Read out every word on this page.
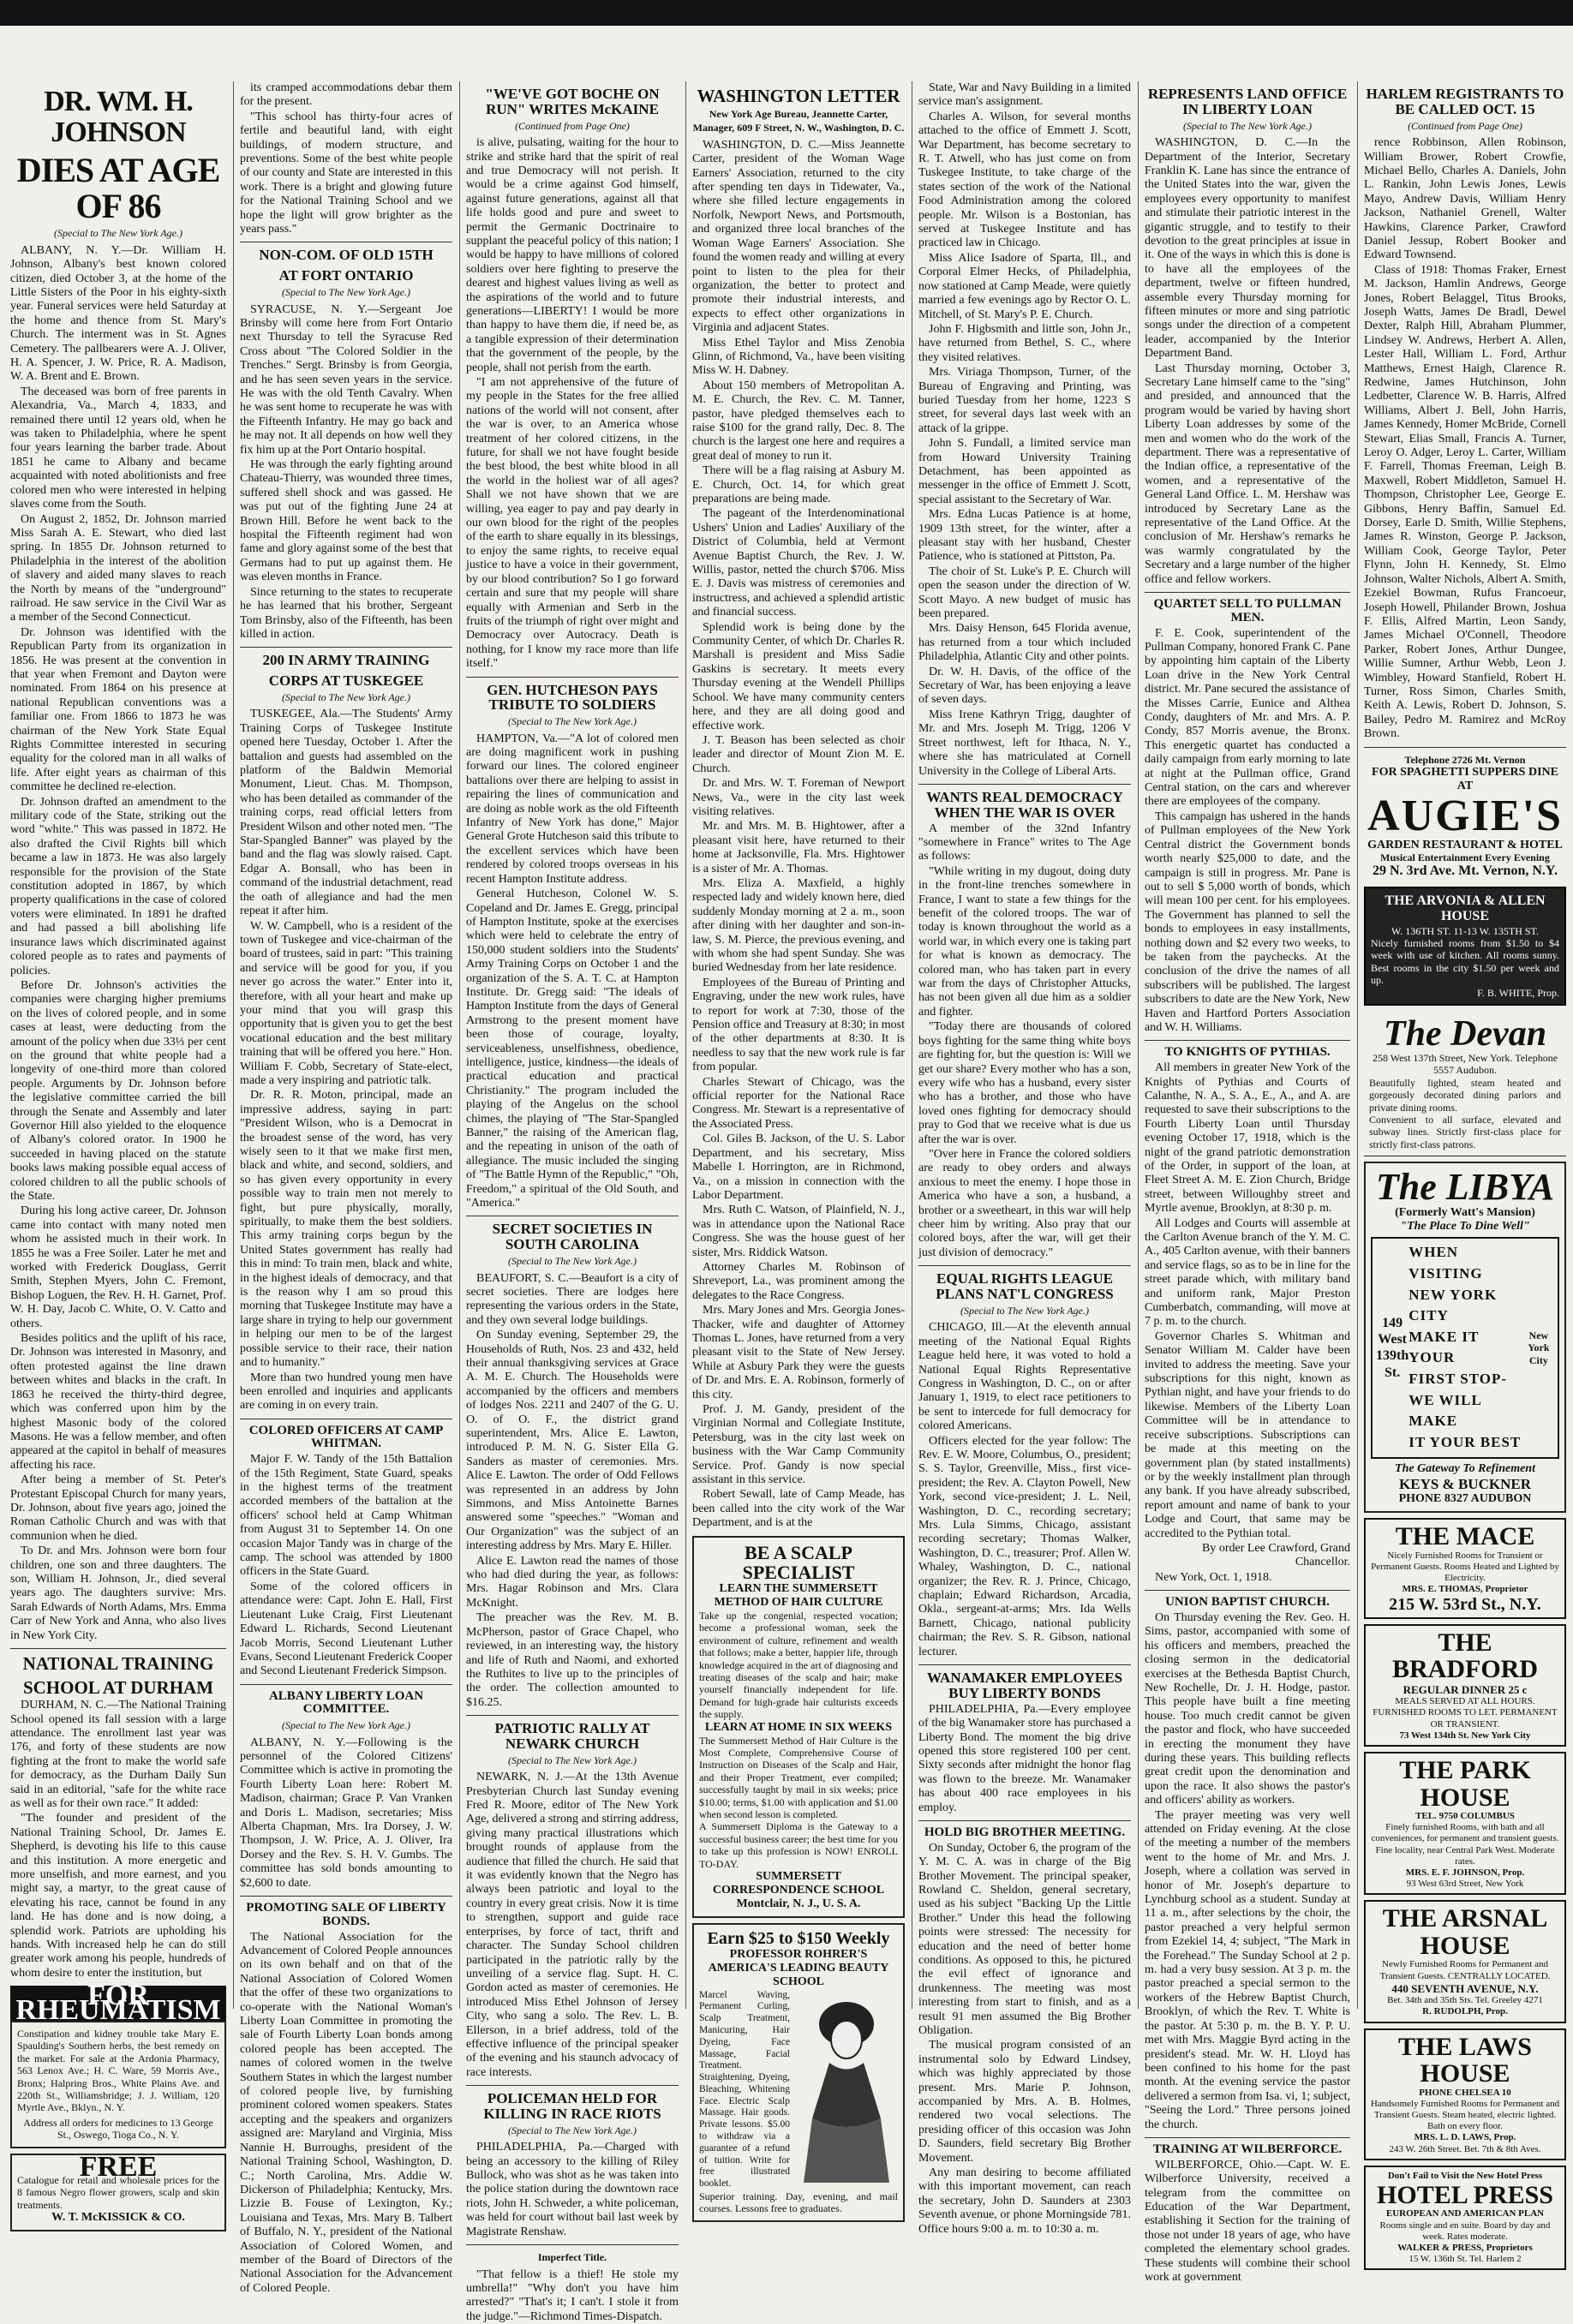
DR. WM. H. JOHNSON
DIES AT AGE OF 86
(Special to The New York Age.)

ALBANY, N. Y.—Dr. William H. Johnson, Albany's best known colored citizen, died October 3, at the home of the Little Sisters of the Poor in his eighty-sixth year. Funeral services were held Saturday at the home and thence from St. Mary's Church. The interment was in St. Agnes Cemetery. The pallbearers were A. J. Oliver, H. A. Spencer, J. W. Price, R. A. Madison, W. A. Brent and E. Brown.

The deceased was born of free parents in Alexandria, Va., March 4, 1833, and remained there until 12 years old, when he was taken to Philadelphia, where he spent four years learning the barber trade. About 1851 he came to Albany and became acquainted with noted abolitionists and free colored men who were interested in helping slaves come from the South.

On August 2, 1852, Dr. Johnson married Miss Sarah A. E. Stewart, who died last spring. In 1855 Dr. Johnson returned to Philadelphia in the interest of the abolition of slavery and aided many slaves to reach the North by means of the "underground" railroad. He saw service in the Civil War as a member of the Second Connecticut.

Dr. Johnson was identified with the Republican Party from its organization in 1856. He was present at the convention in that year when Fremont and Dayton were nominated. From 1864 on his presence at national Republican conventions was a familiar one. From 1866 to 1873 he was chairman of the New York State Equal Rights Committee interested in securing equality for the colored man in all walks of life. After eight years as chairman of this committee he declined re-election.

Dr. Johnson drafted an amendment to the military code of the State, striking out the word "white." This was passed in 1872. He also drafted the Civil Rights bill which became a law in 1873. He was also largely responsible for the provision of the State constitution adopted in 1867, by which property qualifications in the case of colored voters were eliminated. In 1891 he drafted and had passed a bill abolishing life insurance laws which discriminated against colored people as to rates and payments of policies.

Before Dr. Johnson's activities the companies were charging higher premiums on the lives of colored people, and in some cases at least, were deducting from the amount of the policy when due 33⅓ per cent on the ground that white people had a longevity of one-third more than colored people. Arguments by Dr. Johnson before the legislative committee carried the bill through the Senate and Assembly and later Governor Hill also yielded to the eloquence of Albany's colored orator. In 1900 he succeeded in having placed on the statute books laws making possible equal access of colored children to all the public schools of the State.

During his long active career, Dr. Johnson came into contact with many noted men whom he assisted much in their work. In 1855 he was a Free Soiler. Later he met and worked with Frederick Douglass, Gerrit Smith, Stephen Myers, John C. Fremont, Bishop Loguen, the Rev. H. H. Garnet, Prof. W. H. Day, Jacob C. White, O. V. Catto and others.

Besides politics and the uplift of his race, Dr. Johnson was interested in Masonry, and often protested against the line drawn between whites and blacks in the craft. In 1863 he received the thirty-third degree, which was conferred upon him by the highest Masonic body of the colored Masons. He was a fellow member, and often appeared at the capitol in behalf of measures affecting his race.

After being a member of St. Peter's Protestant Episcopal Church for many years, Dr. Johnson, about five years ago, joined the Roman Catholic Church and was with that communion when he died.

To Dr. and Mrs. Johnson were born four children, one son and three daughters. The son, William H. Johnson, Jr., died several years ago. The daughters survive: Mrs. Sarah Edwards of North Adams, Mrs. Emma Carr of New York and Anna, who also lives in New York City.

NATIONAL TRAINING
SCHOOL AT DURHAM

DURHAM, N. C.—The National Training School opened its fall session with a large attendance. The enrollment last year was 176, and forty of these students are now fighting at the front to make the world safe for democracy, as the Durham Daily Sun said in an editorial, "safe for the white race as well as for their own race." It added:

"The founder and president of the National Training School, Dr. James E. Shepherd, is devoting his life to this cause and this institution. A more energetic and more unselfish, and more earnest, and you might say, a martyr, to the great cause of elevating his race, cannot be found in any land. He has done and is now doing, a splendid work. Patriots are upholding his hands. With increased help he can do still greater work among his people, hundreds of whom desire to enter the institution, but

FOR RHEUMATISM
Constipation and kidney trouble take Mary E. Spaulding's Southern herbs, the best remedy on the market. For sale at the Ardonia Pharmacy, 563 Lenox Ave.; H. C. Ware, 59 Morris Ave., Bronx; Halpring Bros., White Plains Ave. and 220th St., Williamsbridge; J. J. William, 120 Myrtle Ave., Bklyn., N. Y.
Address all orders for medicines to 13 George St., Oswego, Tioga Co., N. Y.
FREE
Catalogue for retail and wholesale prices for the 8 famous Negro flower growers, scalp and skin treatments.
W. T. McKISSICK & CO.

its cramped accommodations debar them for the present.

"This school has thirty-four acres of fertile and beautiful land, with eight buildings, of modern structure, and preventions. Some of the best white people of our county and State are interested in this work. There is a bright and glowing future for the National Training School and we hope the light will grow brighter as the years pass."

NON-COM. OF OLD 15TH
AT FORT ONTARIO
(Special to The New York Age.)

SYRACUSE, N. Y.—Sergeant Joe Brinsby will come here from Fort Ontario next Thursday to tell the Syracuse Red Cross about "The Colored Soldier in the Trenches." Sergt. Brinsby is from Georgia, and he has seen seven years in the service. He was with the old Tenth Cavalry. When he was sent home to recuperate he was with the Fifteenth Infantry. He may go back and he may not. It all depends on how well they fix him up at the Port Ontario hospital.

He was through the early fighting around Chateau-Thierry, was wounded three times, suffered shell shock and was gassed. He was put out of the fighting June 24 at Brown Hill. Before he went back to the hospital the Fifteenth regiment had won fame and glory against some of the best that Germans had to put up against them. He was eleven months in France.

Since returning to the states to recuperate he has learned that his brother, Sergeant Tom Brinsby, also of the Fifteenth, has been killed in action.

200 IN ARMY TRAINING
CORPS AT TUSKEGEE
(Special to The New York Age.)

TUSKEGEE, Ala.—The Students' Army Training Corps of Tuskegee Institute opened here Tuesday, October 1. After the battalion and guests had assembled on the platform of the Baldwin Memorial Monument, Lieut. Chas. M. Thompson, who has been detailed as commander of the training corps, read official letters from President Wilson and other noted men. "The Star-Spangled Banner" was played by the band and the flag was slowly raised. Capt. Edgar A. Bonsall, who has been in command of the industrial detachment, read the oath of allegiance and had the men repeat it after him.

W. W. Campbell, who is a resident of the town of Tuskegee and vice-chairman of the board of trustees, said in part: "This training and service will be good for you, if you never go across the water." Enter into it, therefore, with all your heart and make up your mind that you will grasp this opportunity that is given you to get the best vocational education and the best military training that will be offered you here." Hon. William F. Cobb, Secretary of State-elect, made a very inspiring and patriotic talk.

Dr. R. R. Moton, principal, made an impressive address, saying in part: "President Wilson, who is a Democrat in the broadest sense of the word, has very wisely seen to it that we make first men, black and white, and second, soldiers, and so has given every opportunity in every possible way to train men not merely to fight, but pure physically, morally, spiritually, to make them the best soldiers. This army training corps begun by the United States government has really had this in mind: To train men, black and white, in the highest ideals of democracy, and that is the reason why I am so proud this morning that Tuskegee Institute may have a large share in trying to help our government in helping our men to be of the largest possible service to their race, their nation and to humanity."

More than two hundred young men have been enrolled and inquiries and applicants are coming in on every train.

COLORED OFFICERS AT CAMP WHITMAN.

Major F. W. Tandy of the 15th Battalion of the 15th Regiment, State Guard, speaks in the highest terms of the treatment accorded members of the battalion at the officers' school held at Camp Whitman from August 31 to September 14. On one occasion Major Tandy was in charge of the camp. The school was attended by 1800 officers in the State Guard.

Some of the colored officers in attendance were: Capt. John E. Hall, First Lieutenant Luke Craig, First Lieutenant Edward L. Richards, Second Lieutenant Jacob Morris, Second Lieutenant Luther Evans, Second Lieutenant Frederick Cooper and Second Lieutenant Frederick Simpson.

ALBANY LIBERTY LOAN COMMITTEE.
(Special to The New York Age.)

ALBANY, N. Y.—Following is the personnel of the Colored Citizens' Committee which is active in promoting the Fourth Liberty Loan here: Robert M. Madison, chairman; Grace P. Van Vranken and Doris L. Madison, secretaries; Miss Alberta Chapman, Mrs. Ira Dorsey, J. W. Thompson, J. W. Price, A. J. Oliver, Ira Dorsey and the Rev. S. H. V. Gumbs. The committee has sold bonds amounting to $2,600 to date.

PROMOTING SALE OF LIBERTY BONDS.

The National Association for the Advancement of Colored People announces on its own behalf and on that of the National Association of Colored Women that the offer of these two organizations to co-operate with the National Woman's Liberty Loan Committee in promoting the sale of Fourth Liberty Loan bonds among colored people has been accepted. The names of colored women in the twelve Southern States in which the largest number of colored people live, by furnishing prominent colored women speakers. States accepting and the speakers and organizers assigned are: Maryland and Virginia, Miss Nannie H. Burroughs, president of the National Training School, Washington, D. C.; North Carolina, Mrs. Addie W. Dickerson of Philadelphia; Kentucky, Mrs. Lizzie B. Fouse of Lexington, Ky.; Louisiana and Texas, Mrs. Mary B. Talbert of Buffalo, N. Y., president of the National Association of Colored Women, and member of the Board of Directors of the National Association for the Advancement of Colored People.

"WE'VE GOT BOCHE ON RUN" WRITES McKAINE
(Continued from Page One)

is alive, pulsating, waiting for the hour to strike and strike hard that the spirit of real and true Democracy will not perish. It would be a crime against God himself, against future generations, against all that life holds good and pure and sweet to permit the Germanic Doctrinaire to supplant the peaceful policy of this nation; I would be happy to have millions of colored soldiers over here fighting to preserve the dearest and highest values living as well as the aspirations of the world and to future generations—LIBERTY! I would be more than happy to have them die, if need be, as a tangible expression of their determination that the government of the people, by the people, shall not perish from the earth.

"I am not apprehensive of the future of my people in the States for the free allied nations of the world will not consent, after the war is over, to an America whose treatment of her colored citizens, in the future, for shall we not have fought beside the best blood, the best white blood in all the world in the holiest war of all ages? Shall we not have shown that we are willing, yea eager to pay and pay dearly in our own blood for the right of the peoples of the earth to share equally in its blessings, to enjoy the same rights, to receive equal justice to have a voice in their government, by our blood contribution? So I go forward certain and sure that my people will share equally with Armenian and Serb in the fruits of the triumph of right over might and Democracy over Autocracy. Death is nothing, for I know my race more than life itself."

GEN. HUTCHESON PAYS TRIBUTE TO SOLDIERS
(Special to The New York Age.)

HAMPTON, Va.—"A lot of colored men are doing magnificent work in pushing forward our lines. The colored engineer battalions over there are helping to assist in repairing the lines of communication and are doing as noble work as the old Fifteenth Infantry of New York has done," Major General Grote Hutcheson said this tribute to the excellent services which have been rendered by colored troops overseas in his recent Hampton Institute address.

General Hutcheson, Colonel W. S. Copeland and Dr. James E. Gregg, principal of Hampton Institute, spoke at the exercises which were held to celebrate the entry of 150,000 student soldiers into the Students' Army Training Corps on October 1 and the organization of the S. A. T. C. at Hampton Institute. Dr. Gregg said: "The ideals of Hampton Institute from the days of General Armstrong to the present moment have been those of courage, loyalty, serviceableness, unselfishness, obedience, intelligence, justice, kindness—the ideals of practical education and practical Christianity." The program included the playing of the Angelus on the school chimes, the playing of "The Star-Spangled Banner," the raising of the American flag, and the repeating in unison of the oath of allegiance. The music included the singing of "The Battle Hymn of the Republic," "Oh, Freedom," a spiritual of the Old South, and "America."

SECRET SOCIETIES IN SOUTH CAROLINA
(Special to The New York Age.)

BEAUFORT, S. C.—Beaufort is a city of secret societies. There are lodges here representing the various orders in the State, and they own several lodge buildings.

On Sunday evening, September 29, the Households of Ruth, Nos. 23 and 432, held their annual thanksgiving services at Grace A. M. E. Church. The Households were accompanied by the officers and members of lodges Nos. 2211 and 2407 of the G. U. O. of O. F., the district grand superintendent, Mrs. Alice E. Lawton, introduced P. M. N. G. Sister Ella G. Sanders as master of ceremonies. Mrs. Alice E. Lawton. The order of Odd Fellows was represented in an address by John Simmons, and Miss Antoinette Barnes answered some "speeches." "Woman and Our Organization" was the subject of an interesting address by Mrs. Mary E. Hiller.

Alice E. Lawton read the names of those who had died during the year, as follows: Mrs. Hagar Robinson and Mrs. Clara McKnight.

The preacher was the Rev. M. B. McPherson, pastor of Grace Chapel, who reviewed, in an interesting way, the history and life of Ruth and Naomi, and exhorted the Ruthites to live up to the principles of the order. The collection amounted to $16.25.

PATRIOTIC RALLY AT NEWARK CHURCH
(Special to The New York Age.)

NEWARK, N. J.—At the 13th Avenue Presbyterian Church last Sunday evening Fred R. Moore, editor of The New York Age, delivered a strong and stirring address, giving many practical illustrations which brought rounds of applause from the audience that filled the church. He said that it was evidently known that the Negro has always been patriotic and loyal to the country in every great crisis. Now it is time to strengthen, support and guide race enterprises, by force of tact, thrift and character. The Sunday School children participated in the patriotic rally by the unveiling of a service flag. Supt. H. C. Gordon acted as master of ceremonies. He introduced Miss Ethel Johnson of Jersey City, who sang a solo. The Rev. L. B. Ellerson, in a brief address, told of the effective influence of the principal speaker of the evening and his staunch advocacy of race interests.

POLICEMAN HELD FOR KILLING IN RACE RIOTS
(Special to The New York Age.)

PHILADELPHIA, Pa.—Charged with being an accessory to the killing of Riley Bullock, who was shot as he was taken into the police station during the downtown race riots, John H. Schweder, a white policeman, was held for court without bail last week by Magistrate Renshaw.

Imperfect Title.

"That fellow is a thief! He stole my umbrella!" "Why don't you have him arrested?" "That's it; I can't. I stole it from the judge."—Richmond Times-Dispatch.

WASHINGTON LETTER
New York Age Bureau, Jeannette Carter, Manager, 609 F Street, N. W., Washington, D. C.

WASHINGTON, D. C.—Miss Jeannette Carter, president of the Woman Wage Earners' Association, returned to the city after spending ten days in Tidewater, Va., where she filled lecture engagements in Norfolk, Newport News, and Portsmouth, and organized three local branches of the Woman Wage Earners' Association. She found the women ready and willing at every point to listen to the plea for their organization, the better to protect and promote their industrial interests, and expects to effect other organizations in Virginia and adjacent States.

Miss Ethel Taylor and Miss Zenobia Glinn, of Richmond, Va., have been visiting Miss W. H. Dabney.

About 150 members of Metropolitan A. M. E. Church, the Rev. C. M. Tanner, pastor, have pledged themselves each to raise $100 for the grand rally, Dec. 8. The church is the largest one here and requires a great deal of money to run it.

There will be a flag raising at Asbury M. E. Church, Oct. 14, for which great preparations are being made.

The pageant of the Interdenominational Ushers' Union and Ladies' Auxiliary of the District of Columbia, held at Vermont Avenue Baptist Church, the Rev. J. W. Willis, pastor, netted the church $706. Miss E. J. Davis was mistress of ceremonies and instructress, and achieved a splendid artistic and financial success.

Splendid work is being done by the Community Center, of which Dr. Charles R. Marshall is president and Miss Sadie Gaskins is secretary. It meets every Thursday evening at the Wendell Phillips School. We have many community centers here, and they are all doing good and effective work.

J. T. Beason has been selected as choir leader and director of Mount Zion M. E. Church.

Dr. and Mrs. W. T. Foreman of Newport News, Va., were in the city last week visiting relatives.

Mr. and Mrs. M. B. Hightower, after a pleasant visit here, have returned to their home at Jacksonville, Fla. Mrs. Hightower is a sister of Mr. A. Thomas.

Mrs. Eliza A. Maxfield, a highly respected lady and widely known here, died suddenly Monday morning at 2 a. m., soon after dining with her daughter and son-in-law, S. M. Pierce, the previous evening, and with whom she had spent Sunday. She was buried Wednesday from her late residence.

Employees of the Bureau of Printing and Engraving, under the new work rules, have to report for work at 7:30, those of the Pension office and Treasury at 8:30; in most of the other departments at 8:30. It is needless to say that the new work rule is far from popular.

Charles Stewart of Chicago, was the official reporter for the National Race Congress. Mr. Stewart is a representative of the Associated Press.

Col. Giles B. Jackson, of the U. S. Labor Department, and his secretary, Miss Mabelle I. Horrington, are in Richmond, Va., on a mission in connection with the Labor Department.

Mrs. Ruth C. Watson, of Plainfield, N. J., was in attendance upon the National Race Congress. She was the house guest of her sister, Mrs. Riddick Watson.

Attorney Charles M. Robinson of Shreveport, La., was prominent among the delegates to the Race Congress.

Mrs. Mary Jones and Mrs. Georgia Jones-Thacker, wife and daughter of Attorney Thomas L. Jones, have returned from a very pleasant visit to the State of New Jersey. While at Asbury Park they were the guests of Dr. and Mrs. E. A. Robinson, formerly of this city.

Prof. J. M. Gandy, president of the Virginian Normal and Collegiate Institute, Petersburg, was in the city last week on business with the War Camp Community Service. Prof. Gandy is now special assistant in this service.

Robert Sewall, late of Camp Meade, has been called into the city work of the War Department, and is at the

BE A SCALP SPECIALIST
LEARN THE SUMMERSETT METHOD OF HAIR CULTURE
Take up the congenial, respected vocation; become a professional woman, seek the environment of culture, refinement and wealth that follows; make a better, happier life, through knowledge acquired in the art of diagnosing and treating diseases of the scalp and hair; make yourself financially independent for life. Demand for high-grade hair culturists exceeds the supply.
LEARN AT HOME IN SIX WEEKS
The Summersett Method of Hair Culture is the Most Complete, Comprehensive Course of Instruction on Diseases of the Scalp and Hair, and their Proper Treatment, ever compiled; successfully taught by mail in six weeks; price $10.00; terms, $1.00 with application and $1.00 when second lesson is completed.
A Summersett Diploma is the Gateway to a successful business career; the best time for you to take up this profession is NOW! ENROLL TO-DAY.
SUMMERSETT CORRESPONDENCE SCHOOL
Montclair, N. J., U. S. A.
Earn $25 to $150 Weekly
PROFESSOR ROHRER'S AMERICA'S LEADING BEAUTY SCHOOL
Marcel Waving, Permanent Curling, Scalp Treatment, Manicuring, Hair Dyeing, Face Massage, Facial Treatment. Straightening, Dyeing, Bleaching, Whitening Face. Electric Scalp Massage. Hair goods. Private lessons. $5.00 to withdraw via a guarantee of a refund of tuition. Write for free illustrated booklet.
Superior training. Day, evening, and mail courses. Lessons free to graduates.

State, War and Navy Building in a limited service man's assignment.

Charles A. Wilson, for several months attached to the office of Emmett J. Scott, War Department, has become secretary to R. T. Atwell, who has just come on from Tuskegee Institute, to take charge of the states section of the work of the National Food Administration among the colored people. Mr. Wilson is a Bostonian, has served at Tuskegee Institute and has practiced law in Chicago.

Miss Alice Isadore of Sparta, Ill., and Corporal Elmer Hecks, of Philadelphia, now stationed at Camp Meade, were quietly married a few evenings ago by Rector O. L. Mitchell, of St. Mary's P. E. Church.

John F. Higbsmith and little son, John Jr., have returned from Bethel, S. C., where they visited relatives.

Mrs. Viriaga Thompson, Turner, of the Bureau of Engraving and Printing, was buried Tuesday from her home, 1223 S street, for several days last week with an attack of la grippe.

John S. Fundall, a limited service man from Howard University Training Detachment, has been appointed as messenger in the office of Emmett J. Scott, special assistant to the Secretary of War.

Mrs. Edna Lucas Patience is at home, 1909 13th street, for the winter, after a pleasant stay with her husband, Chester Patience, who is stationed at Pittston, Pa.

The choir of St. Luke's P. E. Church will open the season under the direction of W. Scott Mayo. A new budget of music has been prepared.

Mrs. Daisy Henson, 645 Florida avenue, has returned from a tour which included Philadelphia, Atlantic City and other points.

Dr. W. H. Davis, of the office of the Secretary of War, has been enjoying a leave of seven days.

Miss Irene Kathryn Trigg, daughter of Mr. and Mrs. Joseph M. Trigg, 1206 V Street northwest, left for Ithaca, N. Y., where she has matriculated at Cornell University in the College of Liberal Arts.

WANTS REAL DEMOCRACY WHEN THE WAR IS OVER

A member of the 32nd Infantry "somewhere in France" writes to The Age as follows:

"While writing in my dugout, doing duty in the front-line trenches somewhere in France, I want to state a few things for the benefit of the colored troops. The war of today is known throughout the world as a world war, in which every one is taking part for what is known as democracy. The colored man, who has taken part in every war from the days of Christopher Attucks, has not been given all due him as a soldier and fighter.

"Today there are thousands of colored boys fighting for the same thing white boys are fighting for, but the question is: Will we get our share? Every mother who has a son, every wife who has a husband, every sister who has a brother, and those who have loved ones fighting for democracy should pray to God that we receive what is due us after the war is over.

"Over here in France the colored soldiers are ready to obey orders and always anxious to meet the enemy. I hope those in America who have a son, a husband, a brother or a sweetheart, in this war will help cheer him by writing. Also pray that our colored boys, after the war, will get their just division of democracy."

EQUAL RIGHTS LEAGUE PLANS NAT'L CONGRESS
(Special to The New York Age.)

CHICAGO, Ill.—At the eleventh annual meeting of the National Equal Rights League held here, it was voted to hold a National Equal Rights Representative Congress in Washington, D. C., on or after January 1, 1919, to elect race petitioners to be sent to intercede for full democracy for colored Americans.

Officers elected for the year follow: The Rev. E. W. Moore, Columbus, O., president; S. S. Taylor, Greenville, Miss., first vice-president; the Rev. A. Clayton Powell, New York, second vice-president; J. L. Neil, Washington, D. C., recording secretary; Mrs. Lula Simms, Chicago, assistant recording secretary; Thomas Walker, Washington, D. C., treasurer; Prof. Allen W. Whaley, Washington, D. C., national organizer; the Rev. R. J. Prince, Chicago, chaplain; Edward Richardson, Arcadia, Okla., sergeant-at-arms; Mrs. Ida Wells Barnett, Chicago, national publicity chairman; the Rev. S. R. Gibson, national lecturer.

WANAMAKER EMPLOYEES BUY LIBERTY BONDS

PHILADELPHIA, Pa.—Every employee of the big Wanamaker store has purchased a Liberty Bond. The moment the big drive opened this store registered 100 per cent. Sixty seconds after midnight the honor flag was flown to the breeze. Mr. Wanamaker has about 400 race employees in his employ.

HOLD BIG BROTHER MEETING.

On Sunday, October 6, the program of the Y. M. C. A. was in charge of the Big Brother Movement. The principal speaker, Rowland C. Sheldon, general secretary, used as his subject "Backing Up the Little Brother." Under this head the following points were stressed: The necessity for education and the need of better home conditions. As opposed to this, he pictured the evil effect of ignorance and drunkenness. The meeting was most interesting from start to finish, and as a result 91 men assumed the Big Brother Obligation.

The musical program consisted of an instrumental solo by Edward Lindsey, which was highly appreciated by those present. Mrs. Marie P. Johnson, accompanied by Mrs. A. B. Holmes, rendered two vocal selections. The presiding officer of this occasion was John D. Saunders, field secretary Big Brother Movement.

Any man desiring to become affiliated with this important movement, can reach the secretary, John D. Saunders at 2303 Seventh avenue, or phone Morningside 781. Office hours 9:00 a. m. to 10:30 a. m.

REPRESENTS LAND OFFICE IN LIBERTY LOAN
(Special to The New York Age.)

WASHINGTON, D. C.—In the Department of the Interior, Secretary Franklin K. Lane has since the entrance of the United States into the war, given the employees every opportunity to manifest and stimulate their patriotic interest in the gigantic struggle, and to testify to their devotion to the great principles at issue in it. One of the ways in which this is done is to have all the employees of the department, twelve or fifteen hundred, assemble every Thursday morning for fifteen minutes or more and sing patriotic songs under the direction of a competent leader, accompanied by the Interior Department Band.

Last Thursday morning, October 3, Secretary Lane himself came to the "sing" and presided, and announced that the program would be varied by having short Liberty Loan addresses by some of the men and women who do the work of the department. There was a representative of the Indian office, a representative of the women, and a representative of the General Land Office. L. M. Hershaw was introduced by Secretary Lane as the representative of the Land Office. At the conclusion of Mr. Hershaw's remarks he was warmly congratulated by the Secretary and a large number of the higher office and fellow workers.

QUARTET SELL TO PULLMAN MEN.

F. E. Cook, superintendent of the Pullman Company, honored Frank C. Pane by appointing him captain of the Liberty Loan drive in the New York Central district. Mr. Pane secured the assistance of the Misses Carrie, Eunice and Althea Condy, daughters of Mr. and Mrs. A. P. Condy, 857 Morris avenue, the Bronx. This energetic quartet has conducted a daily campaign from early morning to late at night at the Pullman office, Grand Central station, on the cars and wherever there are employees of the company.

This campaign has ushered in the hands of Pullman employees of the New York Central district the Government bonds worth nearly $25,000 to date, and the campaign is still in progress. Mr. Pane is out to sell $ 5,000 worth of bonds, which will mean 100 per cent. for his employees. The Government has planned to sell the bonds to employees in easy installments, nothing down and $2 every two weeks, to be taken from the paychecks. At the conclusion of the drive the names of all subscribers will be published. The largest subscribers to date are the New York, New Haven and Hartford Porters Association and W. H. Williams.

TO KNIGHTS OF PYTHIAS.

All members in greater New York of the Knights of Pythias and Courts of Calanthe, N. A., S. A., E., A., and A. are requested to save their subscriptions to the Fourth Liberty Loan until Thursday evening October 17, 1918, which is the night of the grand patriotic demonstration of the Order, in support of the loan, at Fleet Street A. M. E. Zion Church, Bridge street, between Willoughby street and Myrtle avenue, Brooklyn, at 8:30 p. m.

All Lodges and Courts will assemble at the Carlton Avenue branch of the Y. M. C. A., 405 Carlton avenue, with their banners and service flags, so as to be in line for the street parade which, with military band and uniform rank, Major Preston Cumberbatch, commanding, will move at 7 p. m. to the church.

Governor Charles S. Whitman and Senator William M. Calder have been invited to address the meeting. Save your subscriptions for this night, known as Pythian night, and have your friends to do likewise. Members of the Liberty Loan Committee will be in attendance to receive subscriptions. Subscriptions can be made at this meeting on the government plan (by stated installments) or by the weekly installment plan through any bank. If you have already subscribed, report amount and name of bank to your Lodge and Court, that same may be accredited to the Pythian total.

By order Lee Crawford, Grand Chancellor.

New York, Oct. 1, 1918.

UNION BAPTIST CHURCH.

On Thursday evening the Rev. Geo. H. Sims, pastor, accompanied with some of his officers and members, preached the closing sermon in the dedicatorial exercises at the Bethesda Baptist Church, New Rochelle, Dr. J. H. Hodge, pastor. This people have built a fine meeting house. Too much credit cannot be given the pastor and flock, who have succeeded in erecting the monument they have during these years. This building reflects great credit upon the denomination and upon the race. It also shows the pastor's and officers' ability as workers.

The prayer meeting was very well attended on Friday evening. At the close of the meeting a number of the members went to the home of Mr. and Mrs. J. Joseph, where a collation was served in honor of Mr. Joseph's departure to Lynchburg school as a student. Sunday at 11 a. m., after selections by the choir, the pastor preached a very helpful sermon from Ezekiel 14, 4; subject, "The Mark in the Forehead." The Sunday School at 2 p. m. had a very busy session. At 3 p. m. the pastor preached a special sermon to the workers of the Hebrew Baptist Church, Brooklyn, of which the Rev. T. White is the pastor. At 5:30 p. m. the B. Y. P. U. met with Mrs. Maggie Byrd acting in the president's stead. Mr. W. H. Lloyd has been confined to his home for the past month. At the evening service the pastor delivered a sermon from Isa. vi, 1; subject, "Seeing the Lord." Three persons joined the church.

TRAINING AT WILBERFORCE.

WILBERFORCE, Ohio.—Capt. W. E. Wilberforce University, received a telegram from the committee on Education of the War Department, establishing it Section for the training of those not under 18 years of age, who have completed the elementary school grades. These students will combine their school work at government

HARLEM REGISTRANTS TO BE CALLED OCT. 15
(Continued from Page One)

rence Robbinson, Allen Robinson, William Brower, Robert Crowfie, Michael Bello, Charles A. Daniels, John L. Rankin, John Lewis Jones, Lewis Mayo, Andrew Davis, William Henry Jackson, Nathaniel Grenell, Walter Hawkins, Clarence Parker, Crawford Daniel Jessup, Robert Booker and Edward Townsend.

Class of 1918: Thomas Fraker, Ernest M. Jackson, Hamlin Andrews, George Jones, Robert Belaggel, Titus Brooks, Joseph Watts, James De Bradl, Dewel Dexter, Ralph Hill, Abraham Plummer, Lindsey W. Andrews, Herbert A. Allen, Lester Hall, William L. Ford, Arthur Matthews, Ernest Haigh, Clarence R. Redwine, James Hutchinson, John Ledbetter, Clarence W. B. Harris, Alfred Williams, Albert J. Bell, John Harris, James Kennedy, Homer McBride, Cornell Stewart, Elias Small, Francis A. Turner, Leroy O. Adger, Leroy L. Carter, William F. Farrell, Thomas Freeman, Leigh B. Maxwell, Robert Middleton, Samuel H. Thompson, Christopher Lee, George E. Gibbons, Henry Baffin, Samuel Ed. Dorsey, Earle D. Smith, Willie Stephens, James R. Winston, George P. Jackson, William Cook, George Taylor, Peter Flynn, John H. Kennedy, St. Elmo Johnson, Walter Nichols, Albert A. Smith, Ezekiel Bowman, Rufus Francoeur, Joseph Howell, Philander Brown, Joshua F. Ellis, Alfred Martin, Leon Sandy, James Michael O'Connell, Theodore Parker, Robert Jones, Arthur Dungee, Willie Sumner, Arthur Webb, Leon J. Wimbley, Howard Stanfield, Robert H. Turner, Ross Simon, Charles Smith, Keith A. Lewis, Robert D. Johnson, S. Bailey, Pedro M. Ramirez and McRoy Brown.

Telephone 2726 Mt. Vernon
FOR SPAGHETTI SUPPERS DINE AT
AUGIE'S
GARDEN RESTAURANT & HOTEL
Musical Entertainment Every Evening
29 N. 3rd Ave. Mt. Vernon, N.Y.
THE ARVONIA & ALLEN HOUSE
W. 136TH ST. 11-13 W. 135TH ST.
Nicely furnished rooms from $1.50 to $4 week with use of kitchen. All rooms sunny. Best rooms in the city $1.50 per week and up.
F. B. WHITE, Prop.
The Devan
258 West 137th Street, New York. Telephone 5557 Audubon.
Beautifully lighted, steam heated and gorgeously decorated dining parlors and private dining rooms.
Convenient to all surface, elevated and subway lines. Strictly first-class place for strictly first-class patrons.
The LIBYA
(Formerly Watt's Mansion)
"The Place To Dine Well"
149 West 139th St.
WHEN VISITING
NEW YORK CITY
MAKE IT YOUR
FIRST STOP-
WE WILL MAKE
IT YOUR BEST
New York City
The Gateway To Refinement
KEYS & BUCKNER
PHONE 8327 AUDUBON
THE MACE
Nicely Furnished Rooms for Transient or Permanent Guests. Rooms Heated and Lighted by Electricity.
MRS. E. THOMAS, Proprietor
215 W. 53rd St., N.Y.
THE BRADFORD
REGULAR DINNER 25 c
MEALS SERVED AT ALL HOURS. FURNISHED ROOMS TO LET. PERMANENT OR TRANSIENT.
73 West 134th St. New York City
THE PARK HOUSE
TEL. 9750 COLUMBUS
Finely furnished Rooms, with bath and all conveniences, for permanent and transient guests. Fine locality, near Central Park West. Moderate rates.
MRS. E. F. JOHNSON, Prop.
93 West 63rd Street, New York
THE ARSNAL HOUSE
Newly Furnished Rooms for Permanent and Transient Guests. CENTRALLY LOCATED.
440 SEVENTH AVENUE, N.Y.
Bet. 34th and 35th Sts. Tel. Greeley 4271
R. RUDOLPH, Prop.
THE LAWS HOUSE
PHONE CHELSEA 10
Handsomely Furnished Rooms for Permanent and Transient Guests. Steam heated, electric lighted. Bath on every floor.
MRS. L. D. LAWS, Prop.
243 W. 26th Street. Bet. 7th & 8th Aves.
Don't Fail to Visit the New Hotel Press
HOTEL PRESS
EUROPEAN AND AMERICAN PLAN
Rooms single and en suite. Board by day and week. Rates moderate.
WALKER & PRESS, Proprietors
15 W. 136th St. Tel. Harlem 2
